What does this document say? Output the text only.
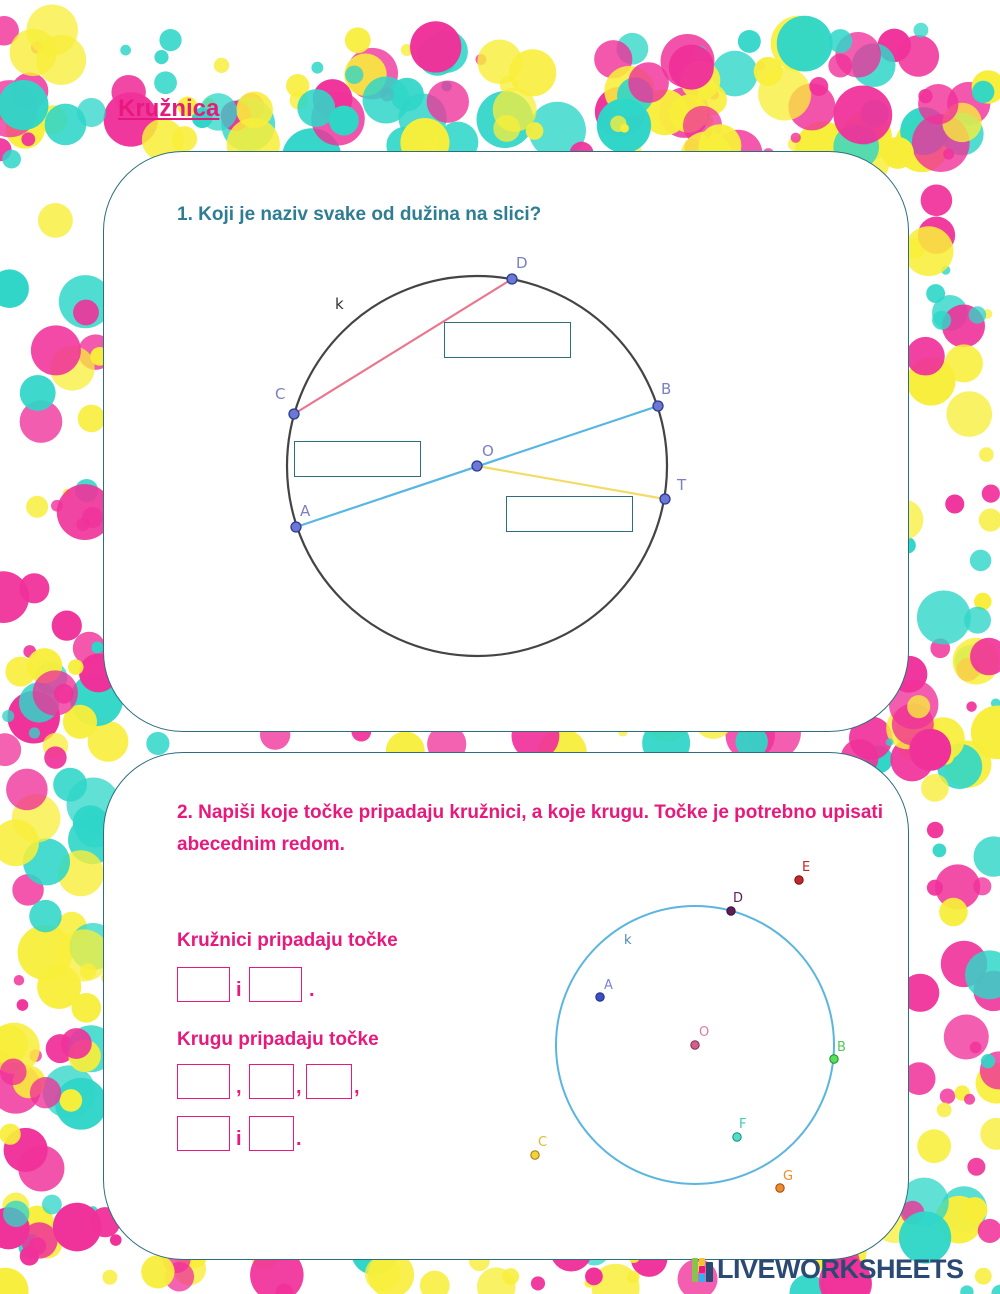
Kružnica
1. Koji je naziv svake od dužina na slici?
k
D
C	B
O
T
A
2. Napiši koje točke pripadaju kružnici, a koje krugu. Točke je potrebno upisati abecednim redom.
Kružnici pripadaju točke
i	.
Krugu pripadaju točke
,	,	,
i	.
k
D
E
A
O
B
F
C
G
LIVEWORKSHEETS
